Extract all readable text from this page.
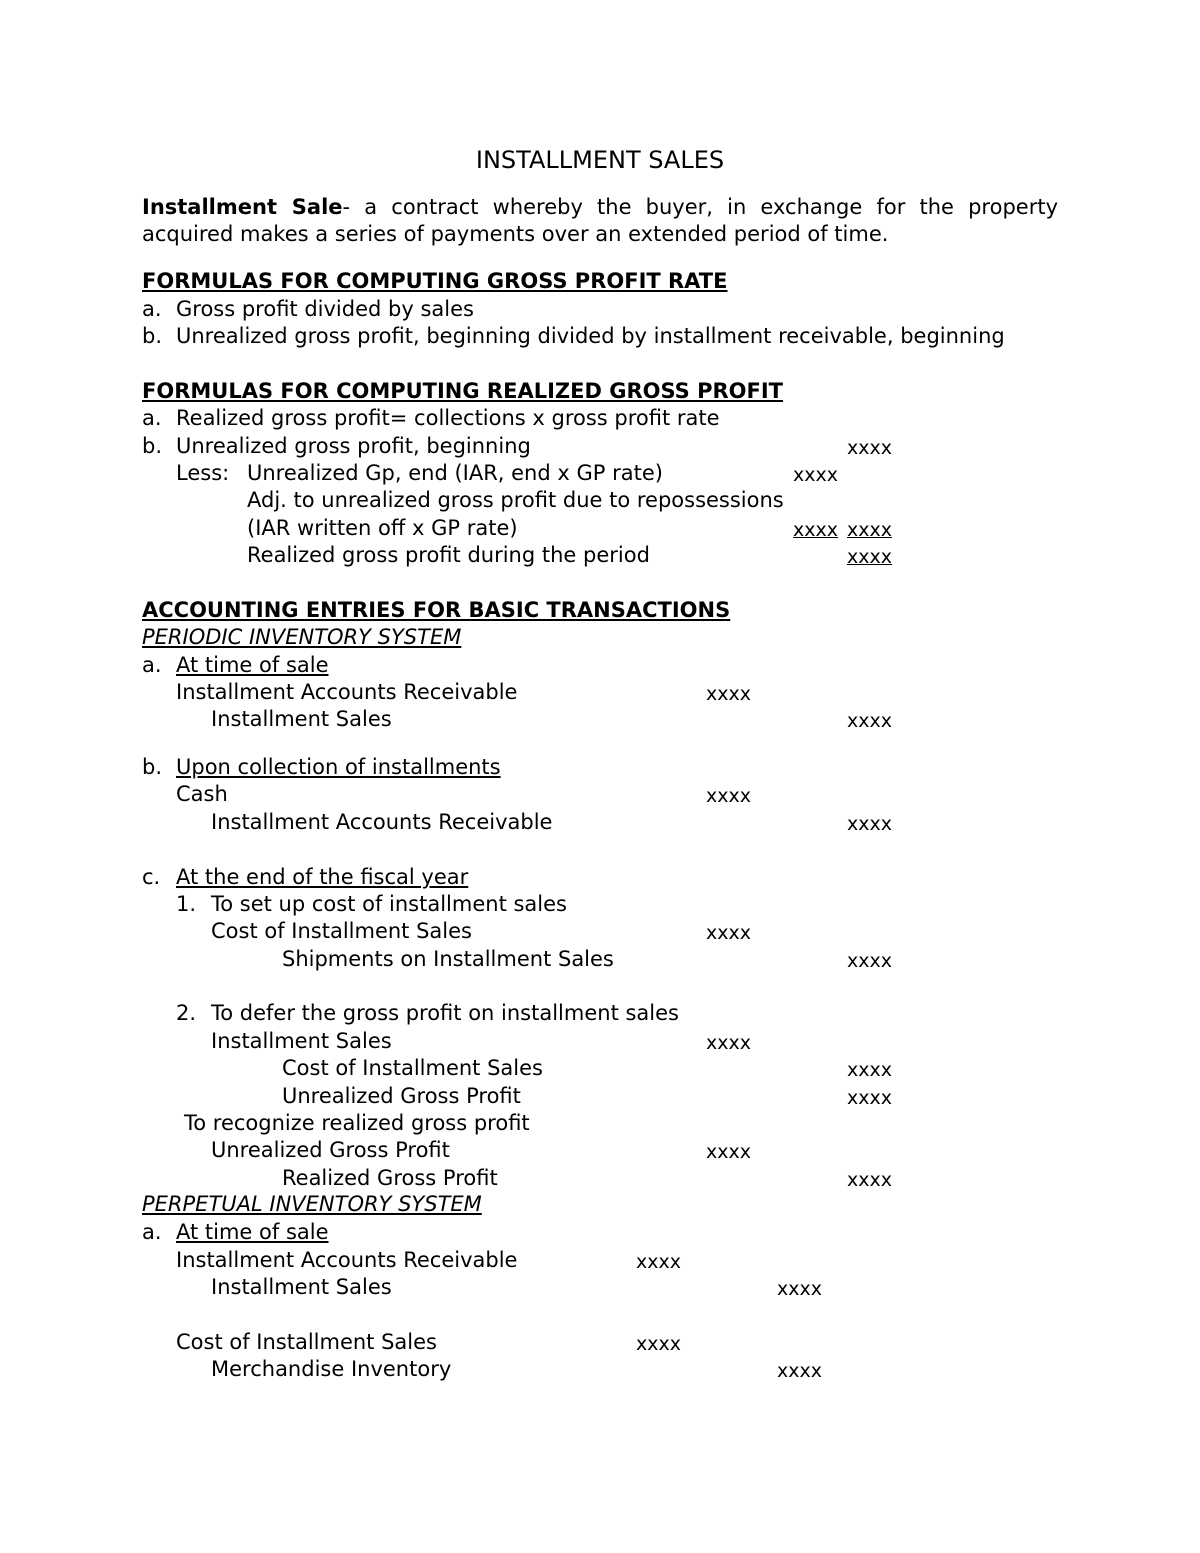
INSTALLMENT SALES
Installment Sale- a contract whereby the buyer, in exchange for the property
acquired makes a series of payments over an extended period of time.
FORMULAS FOR COMPUTING GROSS PROFIT RATE
a. Gross profit divided by sales
b. Unrealized gross profit, beginning divided by installment receivable, beginning
FORMULAS FOR COMPUTING REALIZED GROSS PROFIT
a. Realized gross profit= collections x gross profit rate
b. Unrealized gross profit, beginning	xxxx
Less: Unrealized Gp, end (IAR, end x GP rate)	xxxx
Adj. to unrealized gross profit due to repossessions
(IAR written off x GP rate)	xxxx xxxx
Realized gross profit during the period	xxxx
ACCOUNTING ENTRIES FOR BASIC TRANSACTIONS
PERIODIC INVENTORY SYSTEM
a. At time of sale
Installment Accounts Receivable	xxxx
Installment Sales	xxxx
b. Upon collection of installments
Cash	xxxx
Installment Accounts Receivable	xxxx
c. At the end of the fiscal year
1. To set up cost of installment sales
Cost of Installment Sales	xxxx
Shipments on Installment Sales	xxxx
2. To defer the gross profit on installment sales
Installment Sales	xxxx
Cost of Installment Sales	xxxx
Unrealized Gross Profit	xxxx
To recognize realized gross profit
Unrealized Gross Profit	xxxx
Realized Gross Profit	xxxx
PERPETUAL INVENTORY SYSTEM
a. At time of sale
Installment Accounts Receivable	xxxx
Installment Sales	xxxx
Cost of Installment Sales	xxxx
Merchandise Inventory	xxxx
